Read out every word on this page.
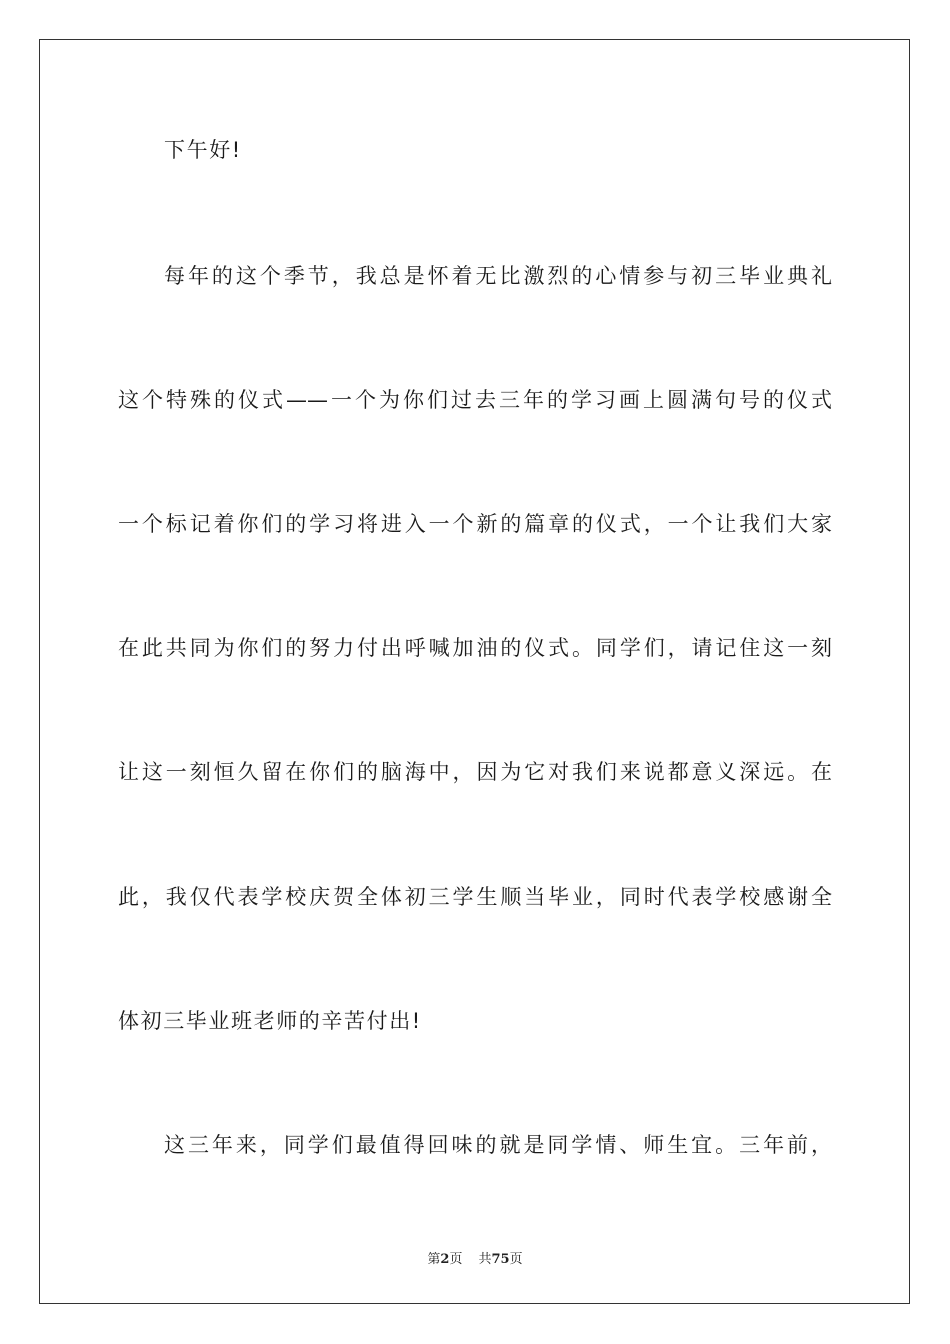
下午好!
每年的这个季节，我总是怀着无比激烈的心情参与初三毕业典礼
这个特殊的仪式——一个为你们过去三年的学习画上圆满句号的仪式
一个标记着你们的学习将进入一个新的篇章的仪式，一个让我们大家
在此共同为你们的努力付出呼喊加油的仪式。同学们，请记住这一刻
让这一刻恒久留在你们的脑海中，因为它对我们来说都意义深远。在
此，我仅代表学校庆贺全体初三学生顺当毕业，同时代表学校感谢全
体初三毕业班老师的辛苦付出!
这三年来，同学们最值得回味的就是同学情、师生宜。三年前，
第2页 共75页
